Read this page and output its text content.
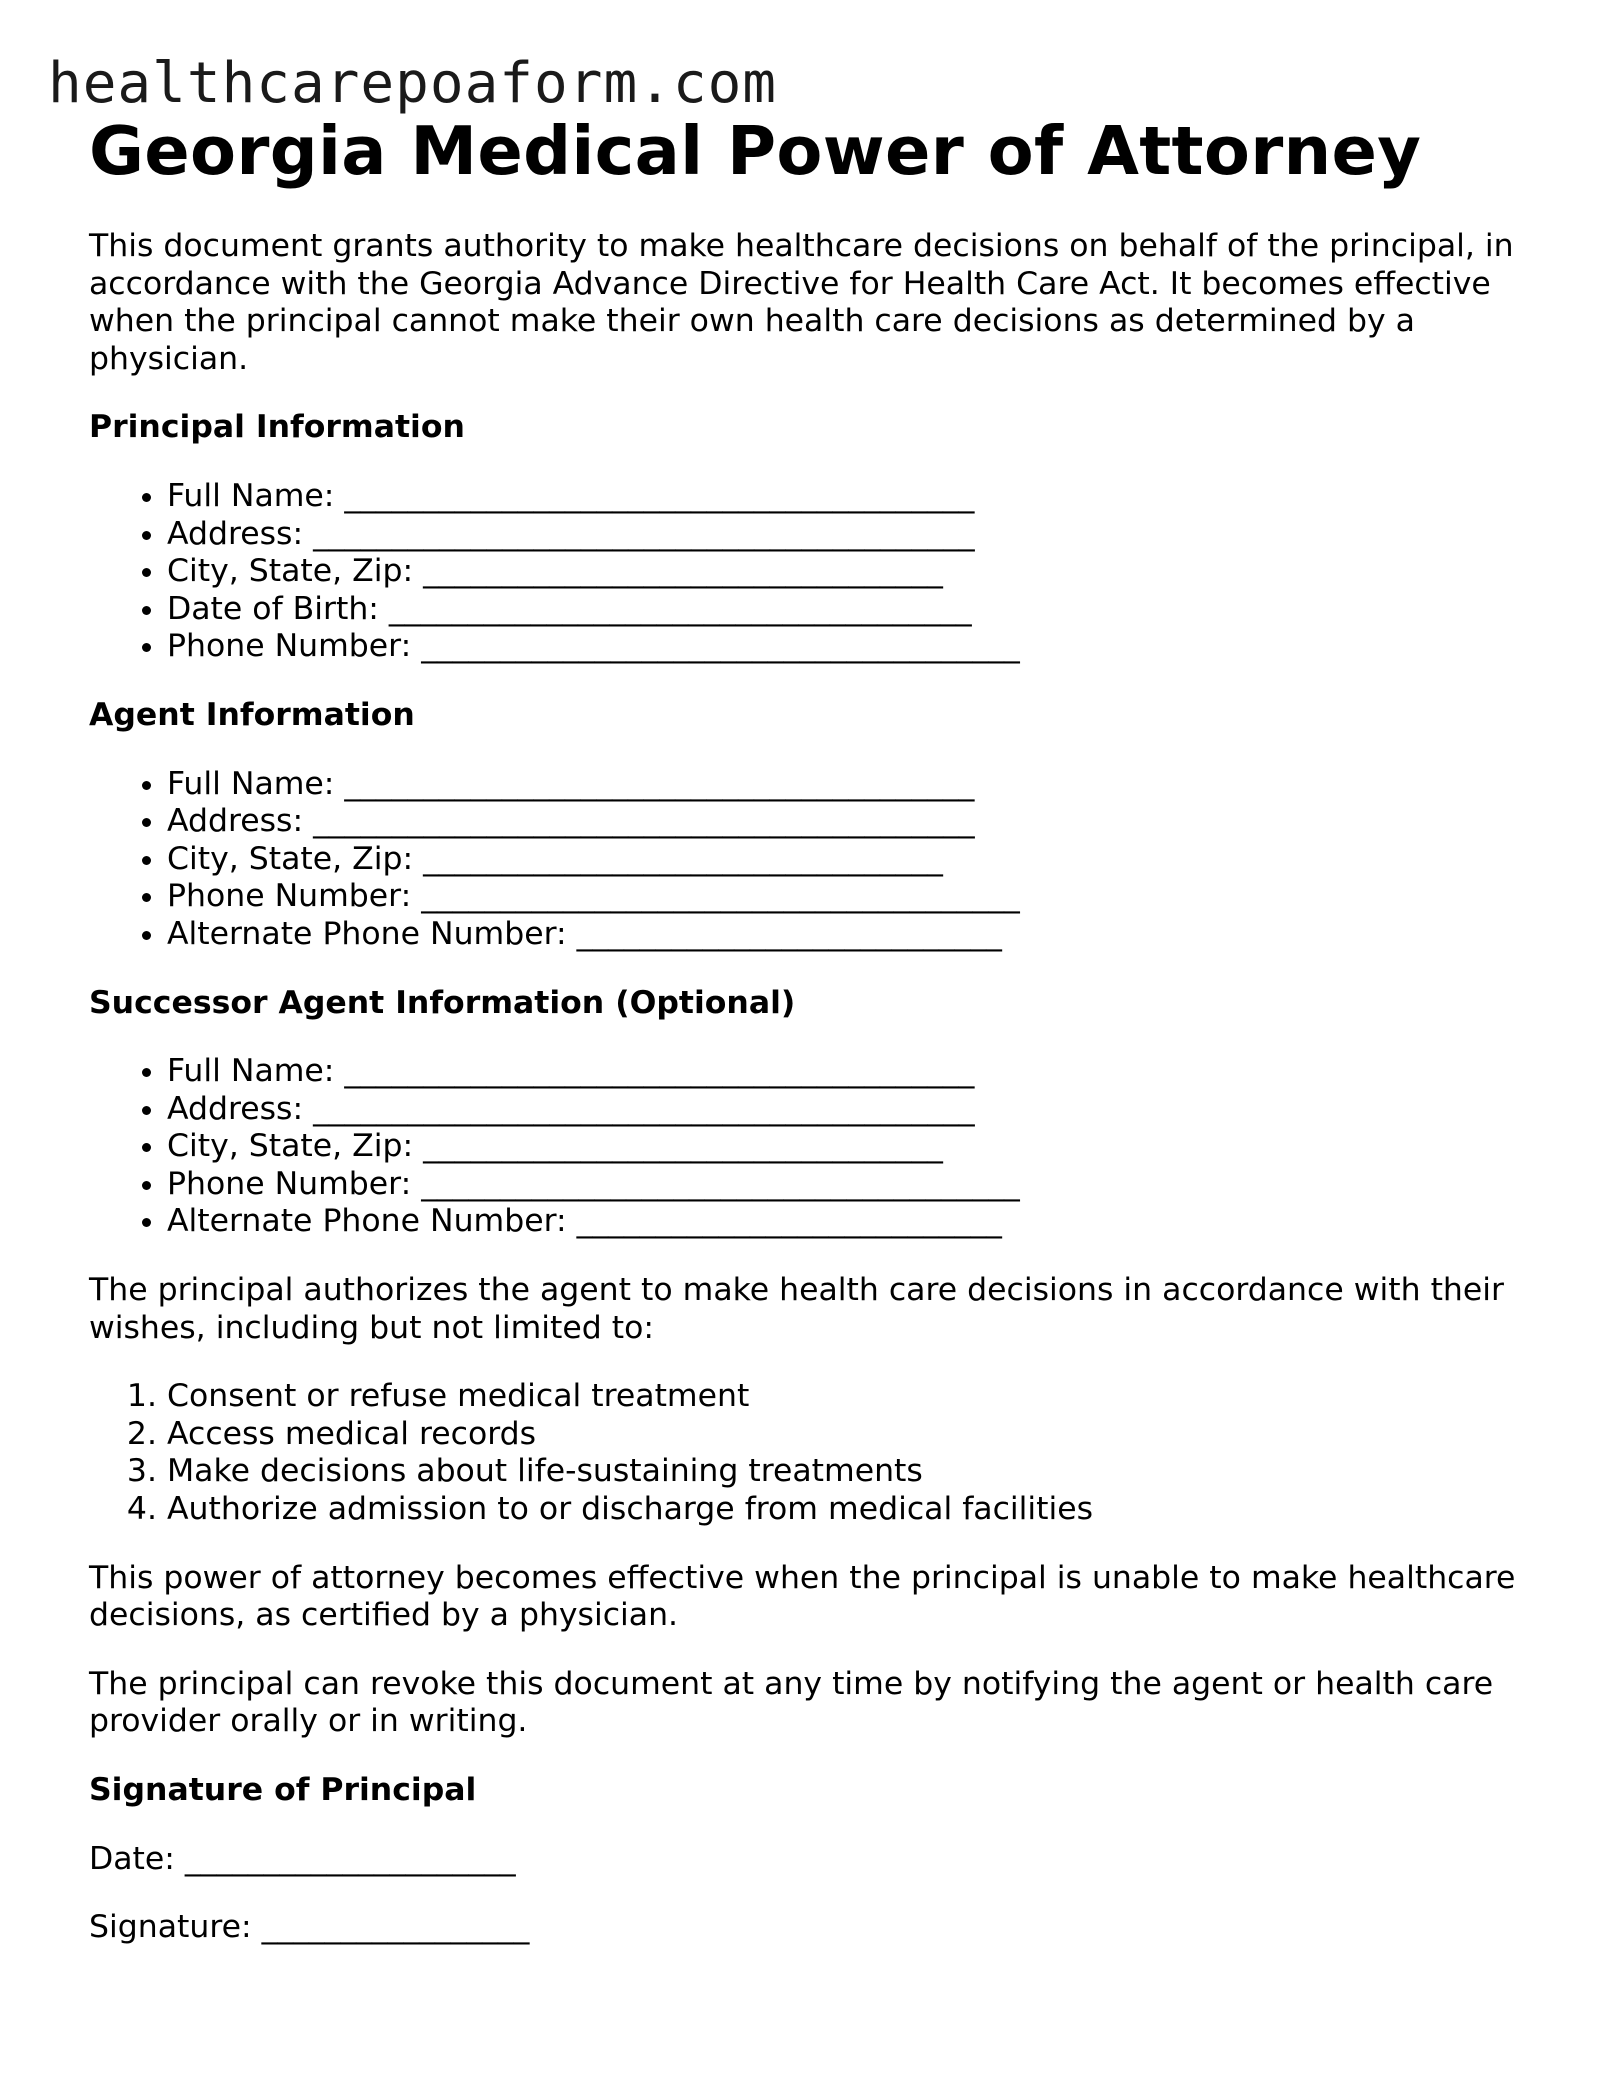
healthcarepoaform.com
Georgia Medical Power of Attorney

This document grants authority to make healthcare decisions on behalf of the principal, in accordance with the Georgia Advance Directive for Health Care Act. It becomes effective when the principal cannot make their own health care decisions as determined by a physician.

Principal Information
• Full Name: ________________________________________
• Address: __________________________________________
• City, State, Zip: _________________________________
• Date of Birth: _____________________________________
• Phone Number: ______________________________________
Agent Information
• Full Name: ________________________________________
• Address: __________________________________________
• City, State, Zip: _________________________________
• Phone Number: ______________________________________
• Alternate Phone Number: ___________________________
Successor Agent Information (Optional)
• Full Name: ________________________________________
• Address: __________________________________________
• City, State, Zip: _________________________________
• Phone Number: ______________________________________
• Alternate Phone Number: ___________________________

The principal authorizes the agent to make health care decisions in accordance with their wishes, including but not limited to:

1. Consent or refuse medical treatment
2. Access medical records
3. Make decisions about life-sustaining treatments
4. Authorize admission to or discharge from medical facilities

This power of attorney becomes effective when the principal is unable to make healthcare decisions, as certified by a physician.

The principal can revoke this document at any time by notifying the agent or health care provider orally or in writing.

Signature of Principal

Date: _____________________

Signature: _________________
